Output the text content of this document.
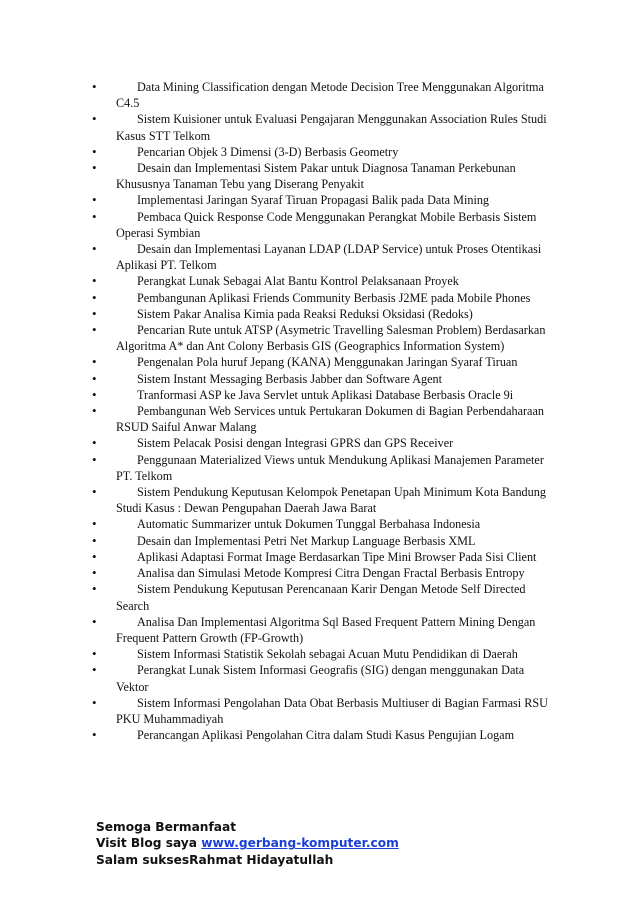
•	Data Mining Classification dengan Metode Decision Tree Menggunakan Algoritma C4.5
•	Sistem Kuisioner untuk Evaluasi Pengajaran Menggunakan Association Rules Studi Kasus STT Telkom
•	Pencarian Objek 3 Dimensi (3-D) Berbasis Geometry
•	Desain dan Implementasi Sistem Pakar untuk Diagnosa Tanaman Perkebunan Khususnya Tanaman Tebu yang Diserang Penyakit
•	Implementasi Jaringan Syaraf Tiruan Propagasi Balik pada Data Mining
•	Pembaca Quick Response Code Menggunakan Perangkat Mobile Berbasis Sistem Operasi Symbian
•	Desain dan Implementasi Layanan LDAP (LDAP Service) untuk Proses Otentikasi Aplikasi PT. Telkom
•	Perangkat Lunak Sebagai Alat Bantu Kontrol Pelaksanaan Proyek
•	Pembangunan Aplikasi Friends Community Berbasis J2ME pada Mobile Phones
•	Sistem Pakar Analisa Kimia pada Reaksi Reduksi Oksidasi (Redoks)
•	Pencarian Rute untuk ATSP (Asymetric Travelling Salesman Problem) Berdasarkan Algoritma A* dan Ant Colony Berbasis GIS (Geographics Information System)
•	Pengenalan Pola huruf Jepang (KANA) Menggunakan Jaringan Syaraf Tiruan
•	Sistem Instant Messaging Berbasis Jabber dan Software Agent
•	Tranformasi ASP ke Java Servlet untuk Aplikasi Database Berbasis Oracle 9i
•	Pembangunan Web Services untuk Pertukaran Dokumen di Bagian Perbendaharaan RSUD Saiful Anwar Malang
•	Sistem Pelacak Posisi dengan Integrasi GPRS dan GPS Receiver
•	Penggunaan Materialized Views untuk Mendukung Aplikasi Manajemen Parameter PT. Telkom
•	Sistem Pendukung Keputusan Kelompok Penetapan Upah Minimum Kota Bandung Studi Kasus : Dewan Pengupahan Daerah Jawa Barat
•	Automatic Summarizer untuk Dokumen Tunggal Berbahasa Indonesia
•	Desain dan Implementasi Petri Net Markup Language Berbasis XML
•	Aplikasi Adaptasi Format Image Berdasarkan Tipe Mini Browser Pada Sisi Client
•	Analisa dan Simulasi Metode Kompresi Citra Dengan Fractal Berbasis Entropy
•	Sistem Pendukung Keputusan Perencanaan Karir Dengan Metode Self Directed Search
•	Analisa Dan Implementasi Algoritma Sql Based Frequent Pattern Mining Dengan Frequent Pattern Growth (FP-Growth)
•	Sistem Informasi Statistik Sekolah sebagai Acuan Mutu Pendidikan di Daerah
•	Perangkat Lunak Sistem Informasi Geografis (SIG) dengan menggunakan Data Vektor
•	Sistem Informasi Pengolahan Data Obat Berbasis Multiuser di Bagian Farmasi RSU PKU Muhammadiyah
•	Perancangan Aplikasi Pengolahan Citra dalam Studi Kasus Pengujian Logam
Semoga Bermanfaat
Visit Blog saya www.gerbang-komputer.com
Salam suksesRahmat Hidayatullah
